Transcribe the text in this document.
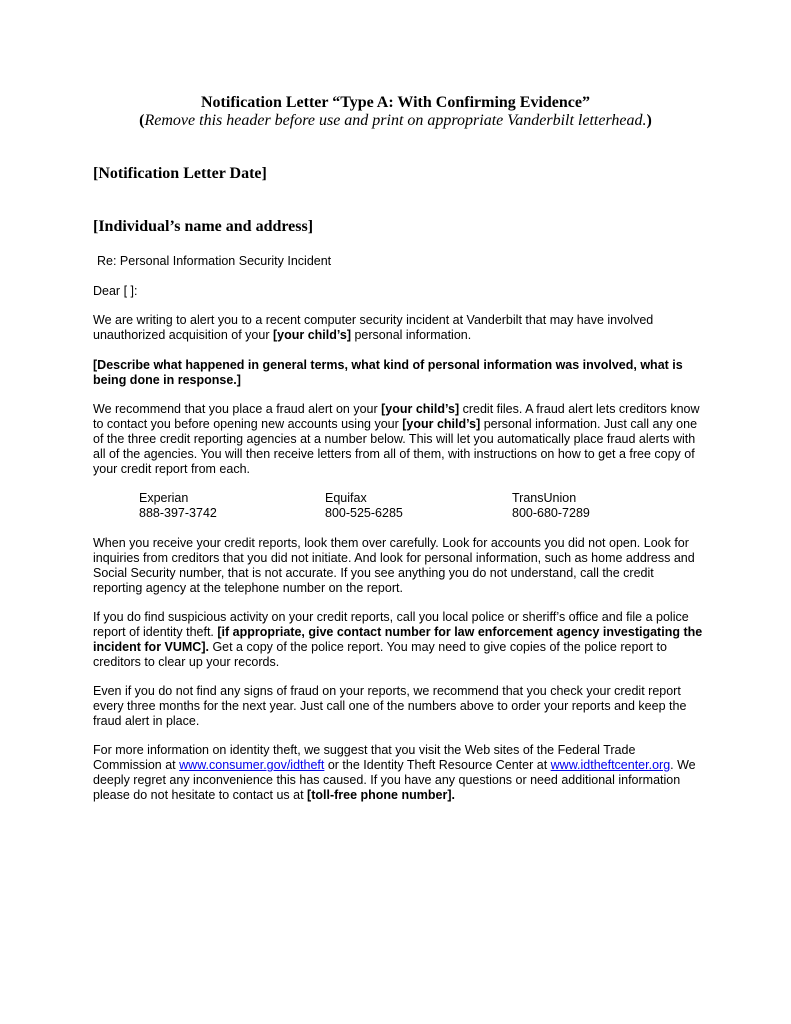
Notification Letter “Type A: With Confirming Evidence”
(Remove this header before use and print on appropriate Vanderbilt letterhead.)
[Notification Letter Date]
[Individual’s name and address]
Re: Personal Information Security Incident
Dear [ ]:
We are writing to alert you to a recent computer security incident at Vanderbilt that may have involved unauthorized acquisition of your [your child’s] personal information.
[Describe what happened in general terms, what kind of personal information was involved, what is being done in response.]
We recommend that you place a fraud alert on your [your child’s] credit files. A fraud alert lets creditors know to contact you before opening new accounts using your [your child’s] personal information. Just call any one of the three credit reporting agencies at a number below. This will let you automatically place fraud alerts with all of the agencies. You will then receive letters from all of them, with instructions on how to get a free copy of your credit report from each.
Experian
888-397-3742
Equifax
800-525-6285
TransUnion
800-680-7289
When you receive your credit reports, look them over carefully. Look for accounts you did not open. Look for inquiries from creditors that you did not initiate. And look for personal information, such as home address and Social Security number, that is not accurate. If you see anything you do not understand, call the credit reporting agency at the telephone number on the report.
If you do find suspicious activity on your credit reports, call you local police or sheriff’s office and file a police report of identity theft. [if appropriate, give contact number for law enforcement agency investigating the incident for VUMC]. Get a copy of the police report. You may need to give copies of the police report to creditors to clear up your records.
Even if you do not find any signs of fraud on your reports, we recommend that you check your credit report every three months for the next year. Just call one of the numbers above to order your reports and keep the fraud alert in place.
For more information on identity theft, we suggest that you visit the Web sites of the Federal Trade Commission at www.consumer.gov/idtheft or the Identity Theft Resource Center at www.idtheftcenter.org. We deeply regret any inconvenience this has caused. If you have any questions or need additional information please do not hesitate to contact us at [toll-free phone number].
